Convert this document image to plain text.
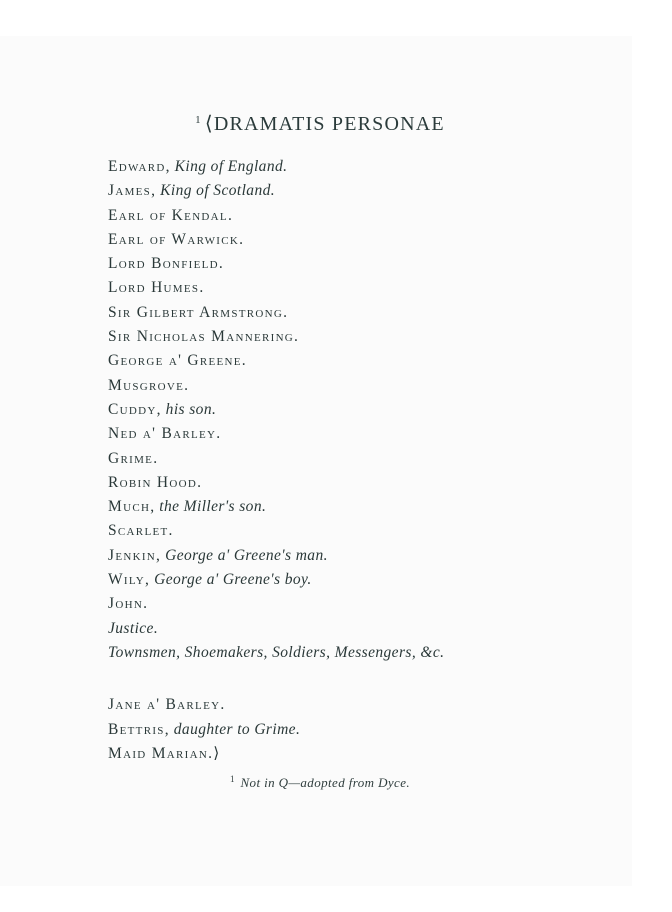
$^1$ ⟨DRAMATIS PERSONAE
Edward, King of England.
James, King of Scotland.
Earl of Kendal.
Earl of Warwick.
Lord Bonfield.
Lord Humes.
Sir Gilbert Armstrong.
Sir Nicholas Mannering.
George a' Greene.
Musgrove.
Cuddy, his son.
Ned a' Barley.
Grime.
Robin Hood.
Much, the Miller's son.
Scarlet.
Jenkin, George a' Greene's man.
Wily, George a' Greene's boy.
John.
Justice.
Townsmen, Shoemakers, Soldiers, Messengers, &c.
Jane a' Barley.
Bettris, daughter to Grime.
Maid Marian.⟩
$^1$ Not in Q—adopted from Dyce.
